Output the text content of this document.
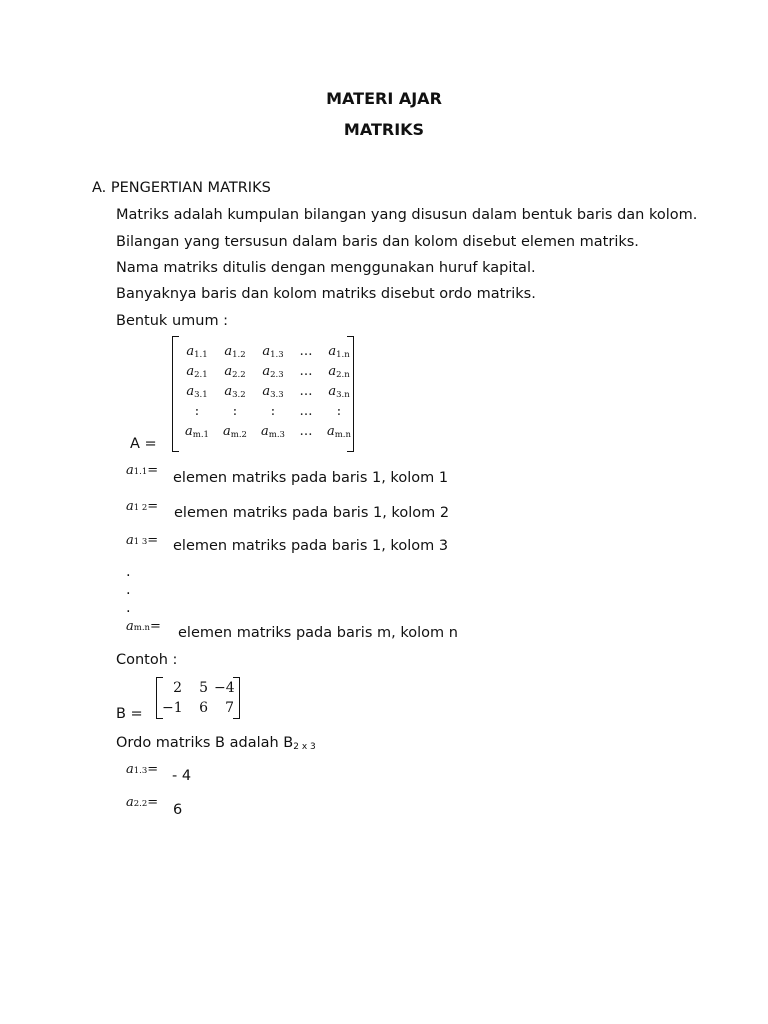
MATERI AJAR
MATRIKS
A. PENGERTIAN MATRIKS
Matriks adalah kumpulan bilangan yang disusun dalam bentuk baris dan kolom.
Bilangan yang tersusun dalam baris dan kolom disebut elemen matriks.
Nama matriks ditulis dengan menggunakan huruf kapital.
Banyaknya baris dan kolom matriks disebut ordo matriks.
Bentuk umum :
a1.1	a1.2	a1.3	…	a1.n
a2.1	a2.2	a2.3	…	a2.n
a3.1	a3.2	a3.3	…	a3.n
:	:	:	…	:
am.1	am.2	am.3	…	am.n
A =
a1.1= elemen matriks pada baris 1, kolom 1
a1 2= elemen matriks pada baris 1, kolom 2
a1 3= elemen matriks pada baris 1, kolom 3
.
.
.
am.n= elemen matriks pada baris m, kolom n
Contoh :
2	5 −4
−1	6	7
B =
Ordo matriks B adalah B2 x 3
a1.3= - 4
a2.2= 6
